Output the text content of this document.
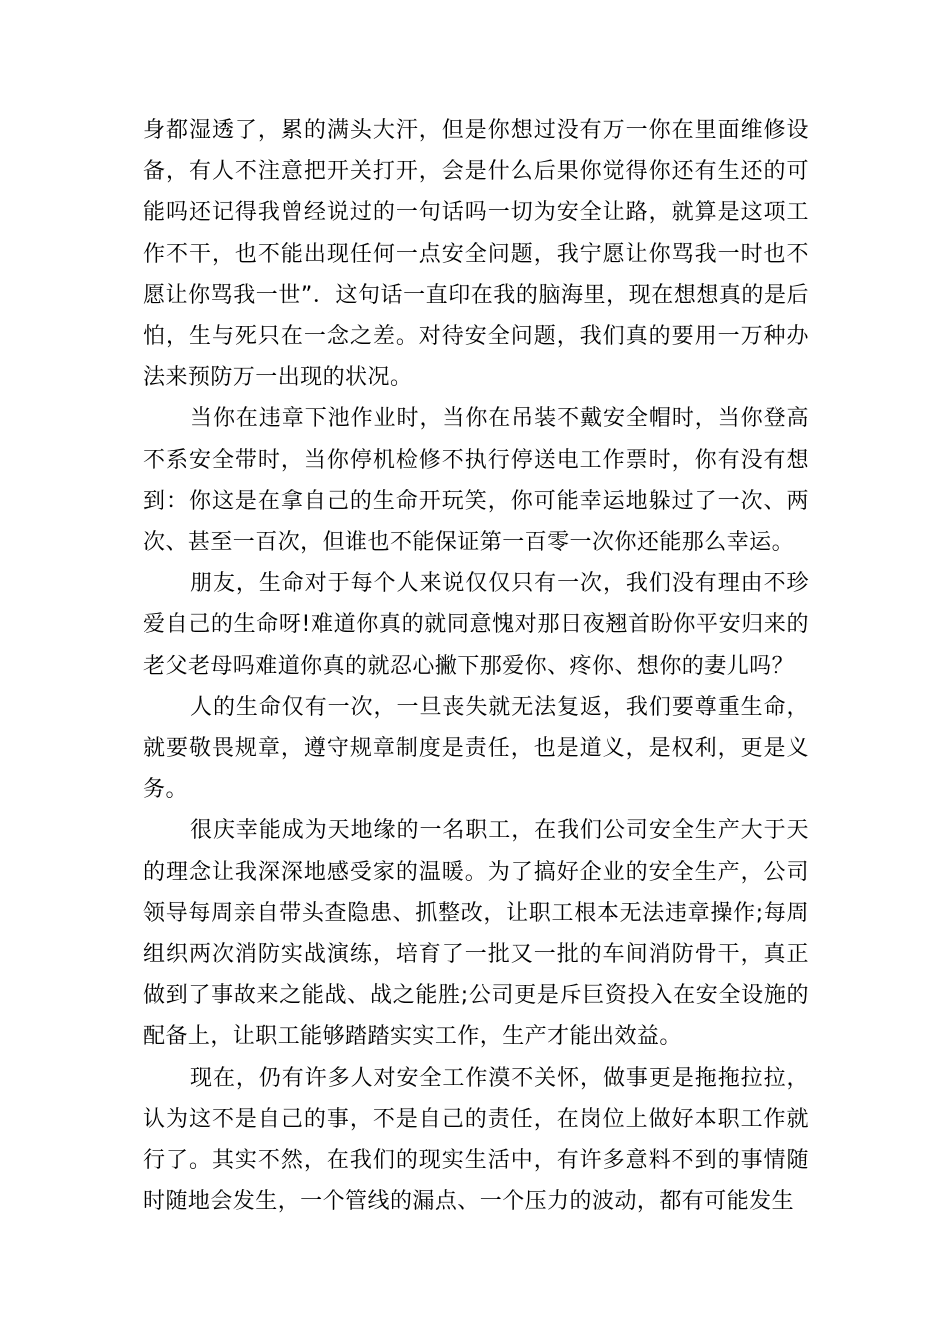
身都湿透了，累的满头大汗，但是你想过没有万一你在里面维修设备，有人不注意把开关打开，会是什么后果你觉得你还有生还的可能吗还记得我曾经说过的一句话吗一切为安全让路，就算是这项工作不干，也不能出现任何一点安全问题，我宁愿让你骂我一时也不愿让你骂我一世”．这句话一直印在我的脑海里，现在想想真的是后怕，生与死只在一念之差。对待安全问题，我们真的要用一万种办法来预防万一出现的状况。

当你在违章下池作业时，当你在吊装不戴安全帽时，当你登高不系安全带时，当你停机检修不执行停送电工作票时，你有没有想到：你这是在拿自己的生命开玩笑，你可能幸运地躲过了一次、两次、甚至一百次，但谁也不能保证第一百零一次你还能那么幸运。

朋友，生命对于每个人来说仅仅只有一次，我们没有理由不珍爱自己的生命呀!难道你真的就同意愧对那日夜翘首盼你平安归来的老父老母吗难道你真的就忍心撇下那爱你、疼你、想你的妻儿吗？

人的生命仅有一次，一旦丧失就无法复返，我们要尊重生命，就要敬畏规章，遵守规章制度是责任，也是道义，是权利，更是义务。

很庆幸能成为天地缘的一名职工，在我们公司安全生产大于天的理念让我深深地感受家的温暖。为了搞好企业的安全生产，公司领导每周亲自带头查隐患、抓整改，让职工根本无法违章操作;每周组织两次消防实战演练，培育了一批又一批的车间消防骨干，真正做到了事故来之能战、战之能胜;公司更是斥巨资投入在安全设施的配备上，让职工能够踏踏实实工作，生产才能出效益。

现在，仍有许多人对安全工作漠不关怀，做事更是拖拖拉拉，认为这不是自己的事，不是自己的责任，在岗位上做好本职工作就行了。其实不然，在我们的现实生活中，有许多意料不到的事情随时随地会发生，一个管线的漏点、一个压力的波动，都有可能发生
